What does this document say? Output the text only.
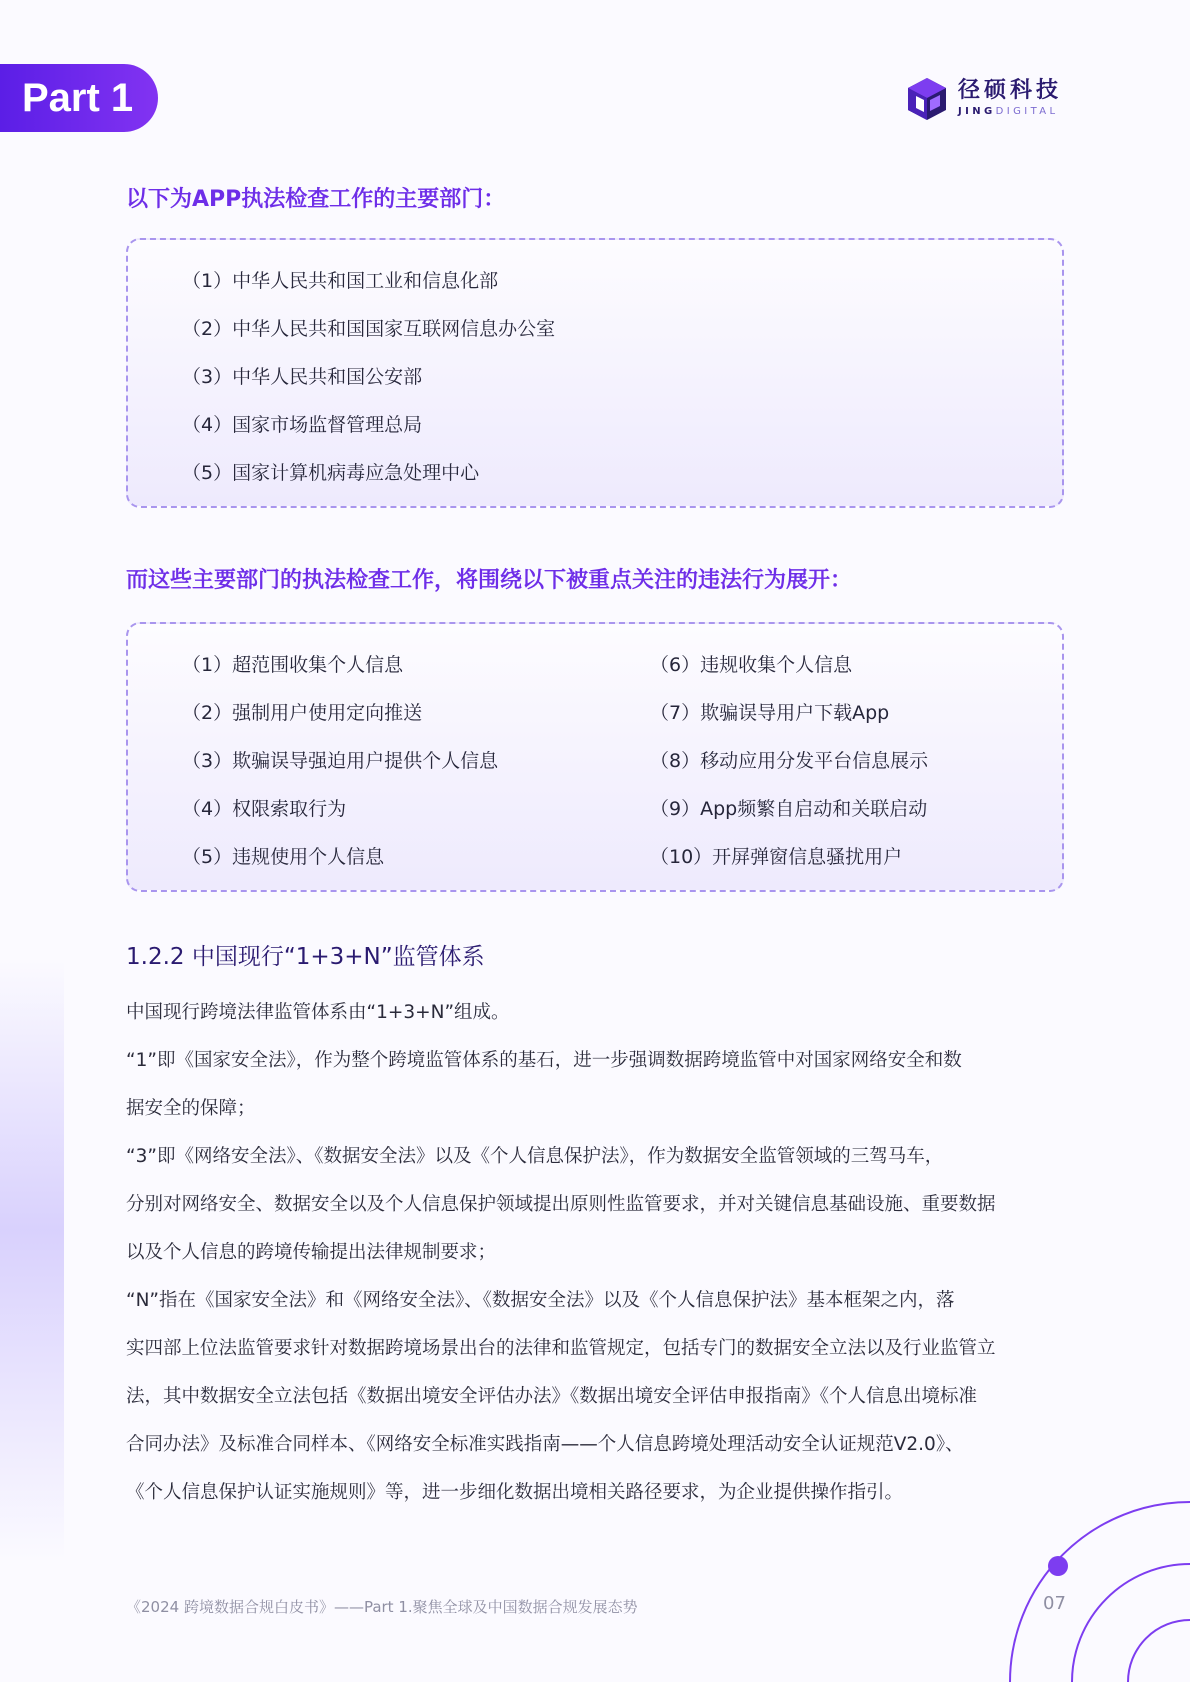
Part 1	径硕科技
JINGDIGITAL
以下为APP执法检查工作的主要部门：
（1）中华人民共和国工业和信息化部
（2）中华人民共和国国家互联网信息办公室
（3）中华人民共和国公安部
（4）国家市场监督管理总局
（5）国家计算机病毒应急处理中心
而这些主要部门的执法检查工作，将围绕以下被重点关注的违法行为展开：
（1）超范围收集个人信息
（2）强制用户使用定向推送
（3）欺骗误导强迫用户提供个人信息
（4）权限索取行为
（5）违规使用个人信息
（6）违规收集个人信息
（7）欺骗误导用户下载App
（8）移动应用分发平台信息展示
（9）App频繁自启动和关联启动
（10）开屏弹窗信息骚扰用户
1.2.2 中国现行“1+3+N”监管体系
中国现行跨境法律监管体系由“1+3+N”组成。
“1”即《国家安全法》，作为整个跨境监管体系的基石，进一步强调数据跨境监管中对国家网络安全和数
据安全的保障；
“3”即《网络安全法》、《数据安全法》以及《个人信息保护法》，作为数据安全监管领域的三驾马车，
分别对网络安全、数据安全以及个人信息保护领域提出原则性监管要求，并对关键信息基础设施、重要数据
以及个人信息的跨境传输提出法律规制要求；
“N”指在《国家安全法》和《网络安全法》、《数据安全法》以及《个人信息保护法》基本框架之内，落
实四部上位法监管要求针对数据跨境场景出台的法律和监管规定，包括专门的数据安全立法以及行业监管立
法，其中数据安全立法包括《数据出境安全评估办法》《数据出境安全评估申报指南》《个人信息出境标准
合同办法》及标准合同样本、《网络安全标准实践指南——个人信息跨境处理活动安全认证规范V2.0》、
《个人信息保护认证实施规则》等，进一步细化数据出境相关路径要求，为企业提供操作指引。
《2024 跨境数据合规白皮书》——Part 1.聚焦全球及中国数据合规发展态势	07
